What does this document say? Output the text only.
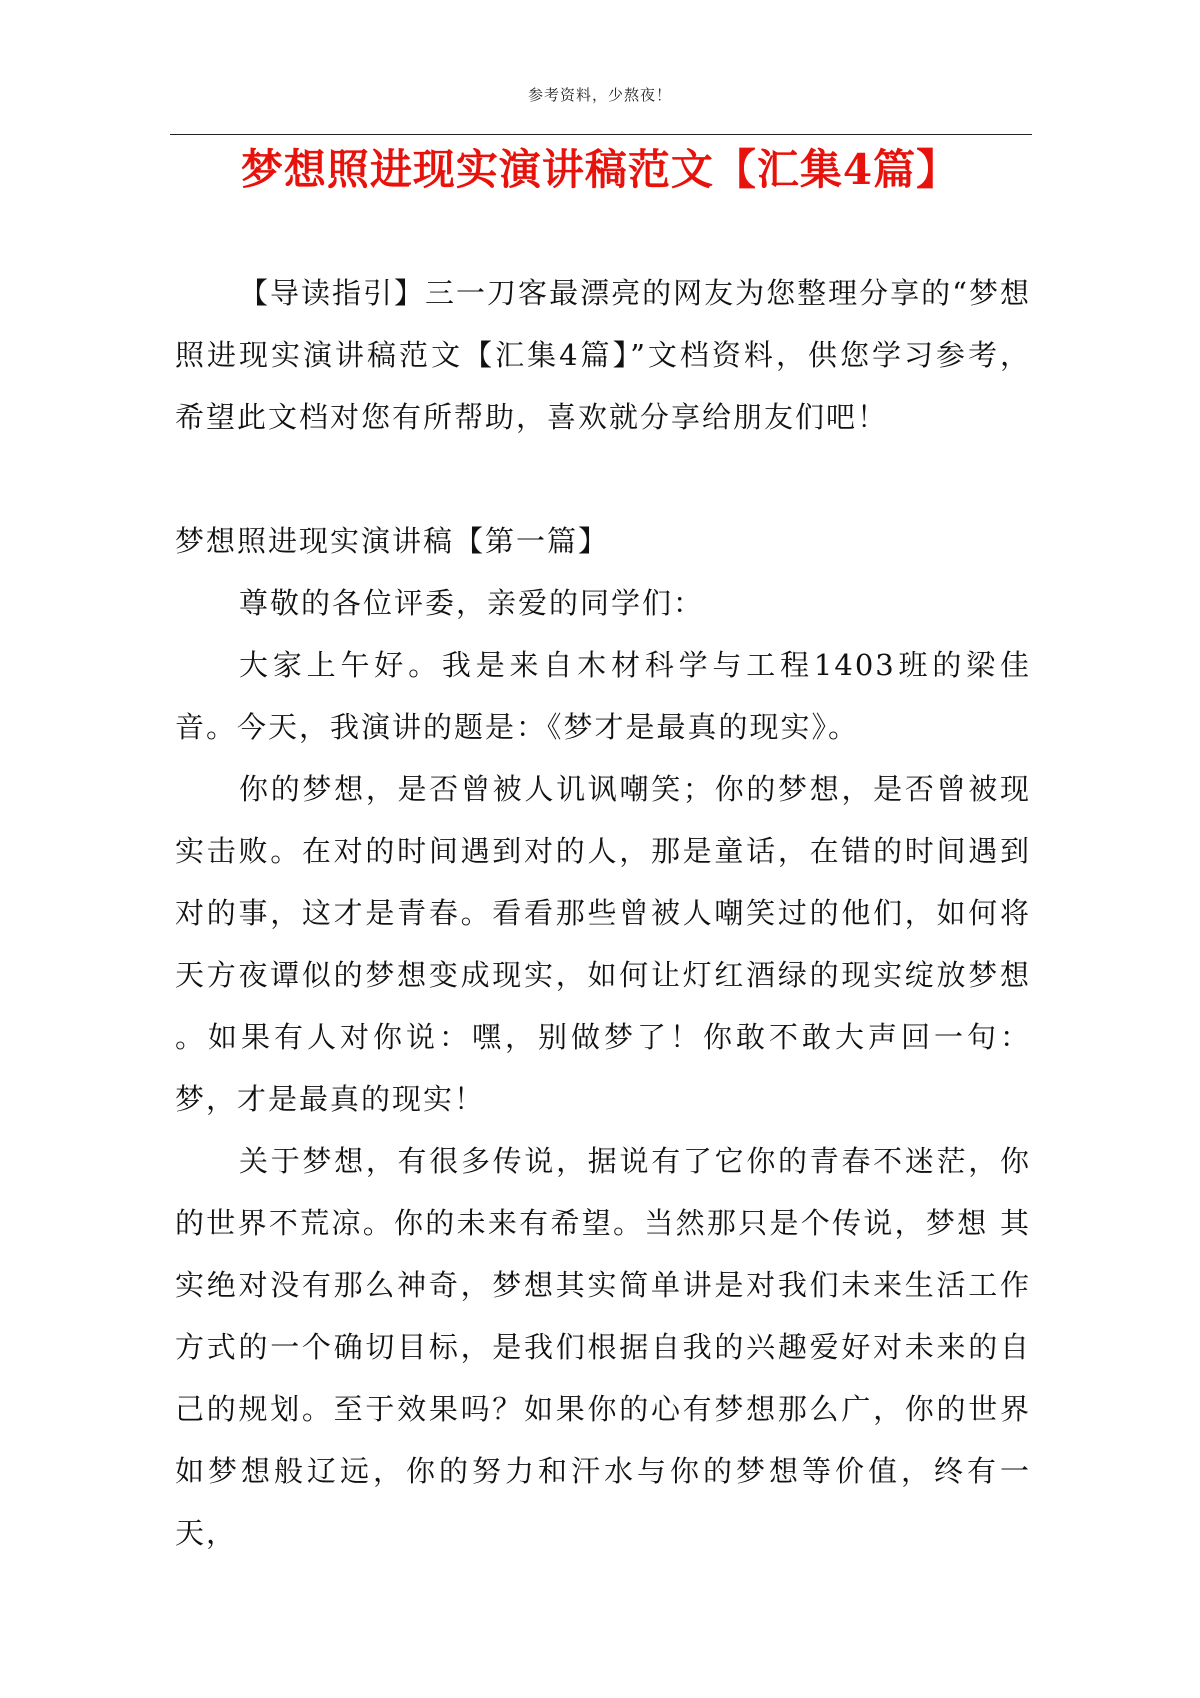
参考资料，少熬夜！
梦想照进现实演讲稿范文【汇集4篇】

【导读指引】三一刀客最漂亮的网友为您整理分享的“梦想照进现实演讲稿范文【汇集4篇】”文档资料，供您学习参考，希望此文档对您有所帮助，喜欢就分享给朋友们吧！

梦想照进现实演讲稿【第一篇】

尊敬的各位评委，亲爱的同学们：

大家上午好。我是来自木材科学与工程1403班的梁佳音。今天，我演讲的题是：《梦才是最真的现实》。

你的梦想，是否曾被人讥讽嘲笑；你的梦想，是否曾被现实击败。在对的时间遇到对的人，那是童话，在错的时间遇到对的事，这才是青春。看看那些曾被人嘲笑过的他们，如何将天方夜谭似的梦想变成现实，如何让灯红酒绿的现实绽放梦想 。如果有人对你说：嘿，别做梦了！你敢不敢大声回一句：梦，才是最真的现实！

关于梦想，有很多传说，据说有了它你的青春不迷茫，你的世界不荒凉。你的未来有希望。当然那只是个传说，梦想 其实绝对没有那么神奇，梦想其实简单讲是对我们未来生活工作方式的一个确切目标，是我们根据自我的兴趣爱好对未来的自己的规划。至于效果吗？如果你的心有梦想那么广，你的世界如梦想般辽远，你的努力和汗水与你的梦想等价值，终有一天，
